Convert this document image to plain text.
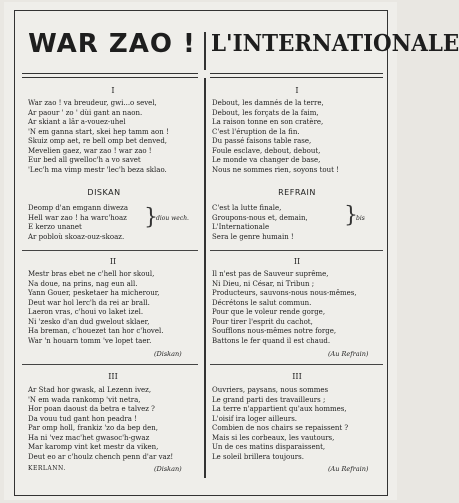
WAR ZAO ! L'INTERNATIONALE
I
War zao ! va breudeur, gwi...o sevel,
Ar paour ' zo ' dùi gant an naon.
Ar skiant a lâr a-vouez-uhel
'N em ganna start, skei hep tamm aon !
Skuiz omp aet, re bell omp bet denved,
Mevelien gaez, war zao ! war zao !
Eur bed all gwelloc'h a vo savet
'Lec'h ma vimp mestr 'lec'h beza sklao.
DISKAN
Deomp d'an emgann diweza
Hell war zao ! ha warc'hoaz
E kerzo unanet
Ar pobloù skoaz-ouz-skoaz.
}
diou wech.
II
Mestr bras ebet ne c'hell hor skoul,
Na doue, na prins, nag eun all.
Yann Gouer, pesketaer ha micherour,
Deut war hol lerc'h da rei ar brall.
Laeron vras, c'houi vo laket izel.
Ni 'zesko d'an dud gwelout sklaer,
Ha breman, c'houezet tan hor c'hovel.
War 'n houarn tomm 've lopet taer.
(Diskan)
III
Ar Stad hor gwask, al Lezenn ivez,
'N em wada rankomp 'vit netra,
Hor poan daoust da betra e talvez ?
Da vouu tud gant hon peadra !
Par omp holl, frankiz 'zo da bep den,
Ha ni 'vez mac'het gwasoc'h-gwaz
Mar karomp vint ket mestr da viken,
Deut eo ar c'houlz chench penn d'ar vaz!
KERLANN.	(Diskan)
I
Debout, les damnés de la terre,
Debout, les forçats de la faim,
La raison tonne en son cratère,
C'est l'éruption de la fin.
Du passé faisons table rase,
Foule esclave, debout, debout,
Le monde va changer de base,
Nous ne sommes rien, soyons tout !
REFRAIN
C'est la lutte finale,
Groupons-nous et, demain,
L'Internationale
Sera le genre humain !
}
bis
II
Il n'est pas de Sauveur suprême,
Ni Dieu, ni César, ni Tribun ;
Producteurs, sauvons-nous nous-mêmes,
Décrétons le salut commun.
Pour que le voleur rende gorge,
Pour tirer l'esprit du cachot,
Soufflons nous-mêmes notre forge,
Battons le fer quand il est chaud.
(Au Refrain)
III
Ouvriers, paysans, nous sommes
Le grand parti des travailleurs ;
La terre n'appartient qu'aux hommes,
L'oisif ira loger ailleurs.
Combien de nos chairs se repaissent ?
Mais si les corbeaux, les vautours,
Un de ces matins disparaissent,
Le soleil brillera toujours.
(Au Refrain)
